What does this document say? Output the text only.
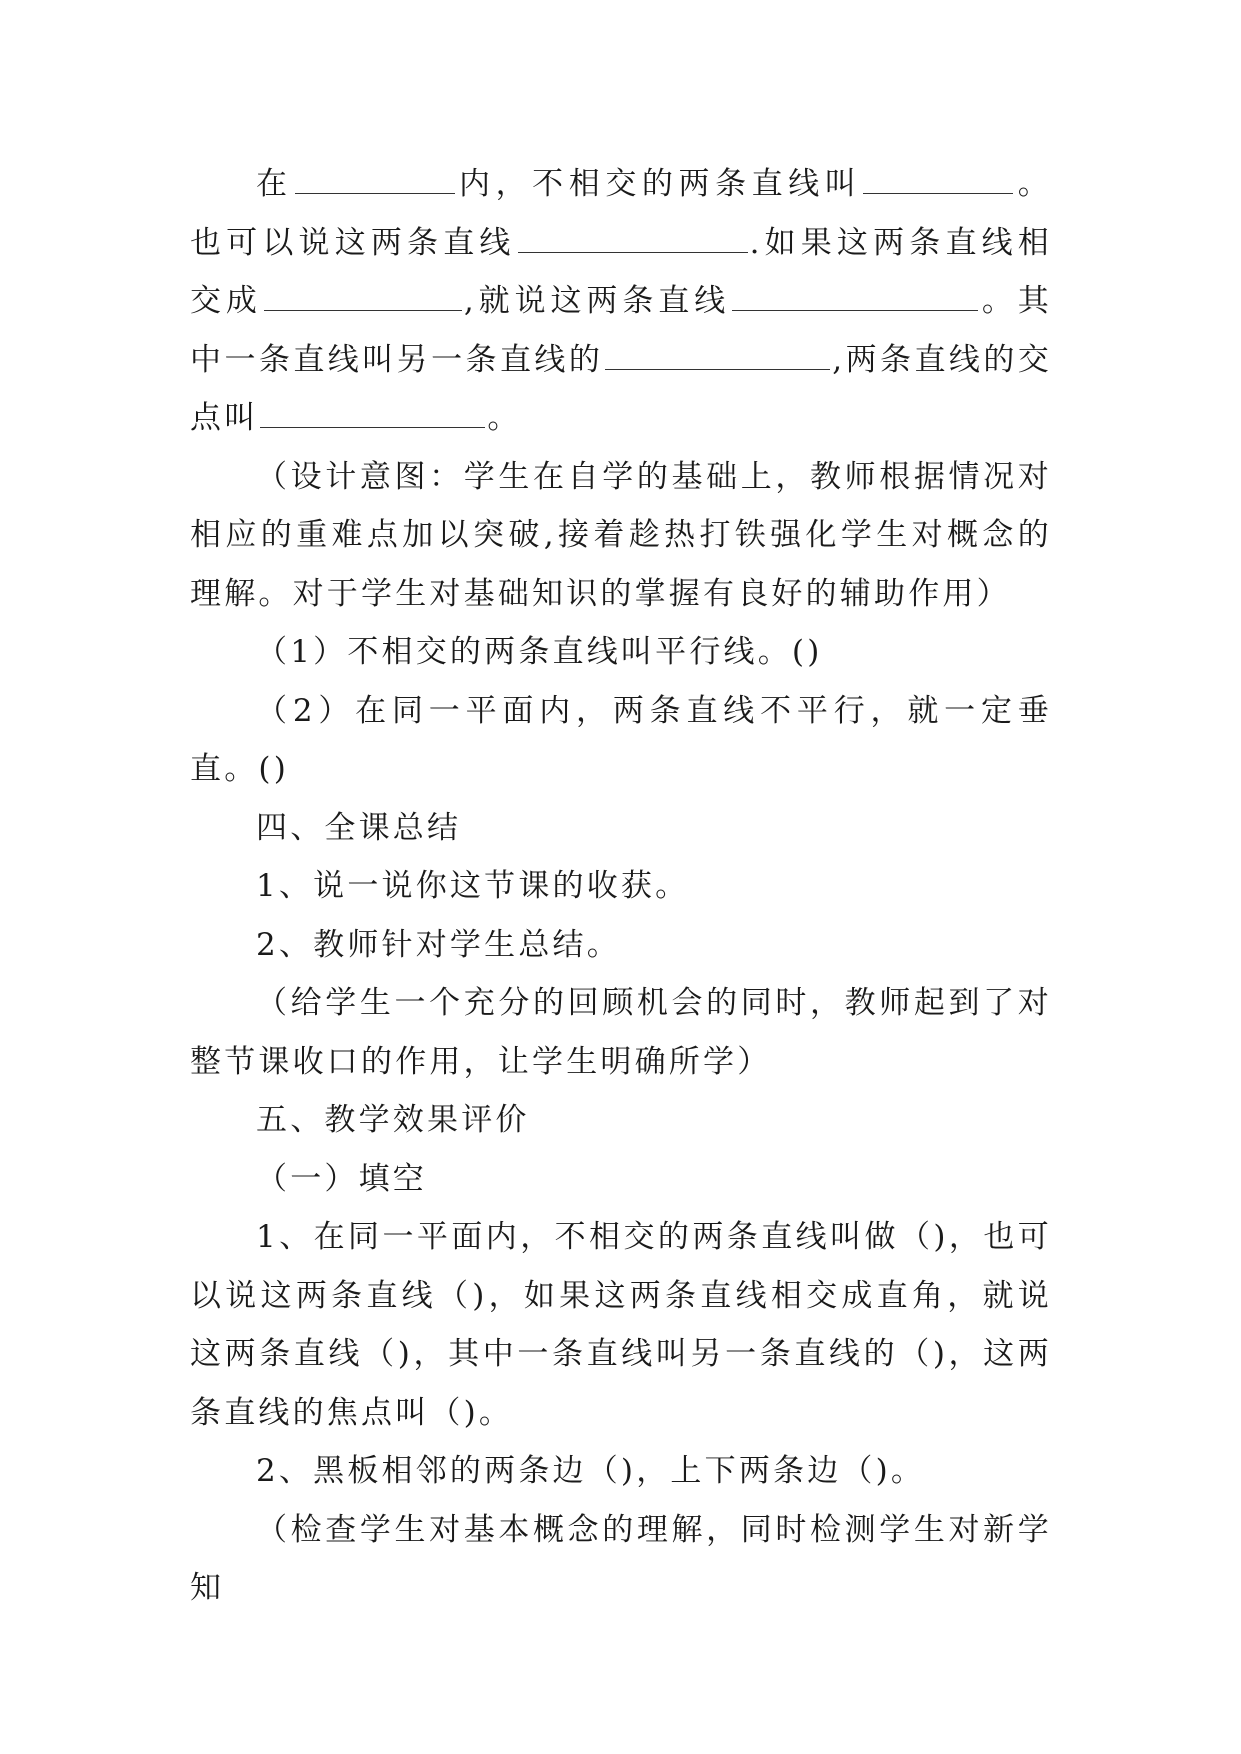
在	内，不相交的两条直线叫	。也可以说这两条直线	.如果这两条直线相交成	,就说这两条直线	。其中一条直线叫另一条直线的	,两条直线的交点叫	。

（设计意图：学生在自学的基础上，教师根据情况对相应的重难点加以突破,接着趁热打铁强化学生对概念的理解。对于学生对基础知识的掌握有良好的辅助作用）

（1）不相交的两条直线叫平行线。()

（2）在同一平面内，两条直线不平行，就一定垂直。()

四、全课总结

1、说一说你这节课的收获。

2、教师针对学生总结。

（给学生一个充分的回顾机会的同时，教师起到了对整节课收口的作用，让学生明确所学）

五、教学效果评价

（一）填空

1、在同一平面内，不相交的两条直线叫做（)，也可以说这两条直线（)，如果这两条直线相交成直角，就说这两条直线（)，其中一条直线叫另一条直线的（)，这两条直线的焦点叫（)。

2、黑板相邻的两条边（)，上下两条边（)。

（检查学生对基本概念的理解，同时检测学生对新学知
